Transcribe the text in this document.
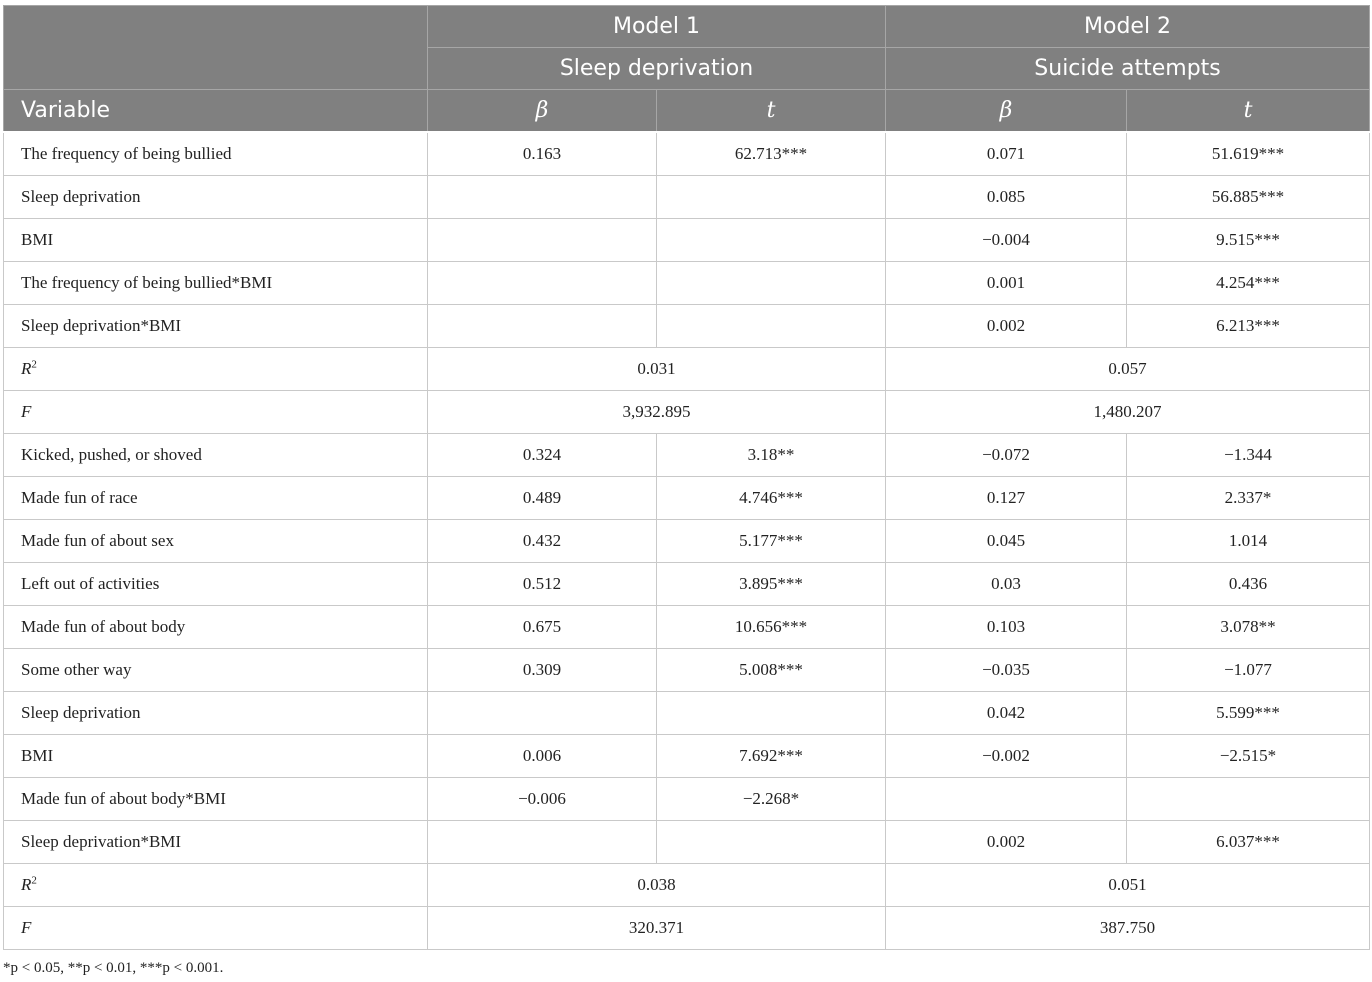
	Model 1		Model 2	
	Sleep deprivation		Suicide attempts	
Variable	β	t	β	t
The frequency of being bullied	0.163	62.713***	0.071	51.619***
Sleep deprivation			0.085	56.885***
BMI			−0.004	9.515***
The frequency of being bullied*BMI			0.001	4.254***
Sleep deprivation*BMI			0.002	6.213***
$R^2$	0.031		0.057	
F	3,932.895		1,480.207	
Kicked, pushed, or shoved	0.324	3.18**	−0.072	−1.344
Made fun of race	0.489	4.746***	0.127	2.337*
Made fun of about sex	0.432	5.177***	0.045	1.014
Left out of activities	0.512	3.895***	0.03	0.436
Made fun of about body	0.675	10.656***	0.103	3.078**
Some other way	0.309	5.008***	−0.035	−1.077
Sleep deprivation			0.042	5.599***
BMI	0.006	7.692***	−0.002	−2.515*
Made fun of about body*BMI	−0.006	−2.268*		
Sleep deprivation*BMI			0.002	6.037***
$R^2$	0.038		0.051	
F	320.371		387.750	
*p < 0.05, **p < 0.01, ***p < 0.001.
